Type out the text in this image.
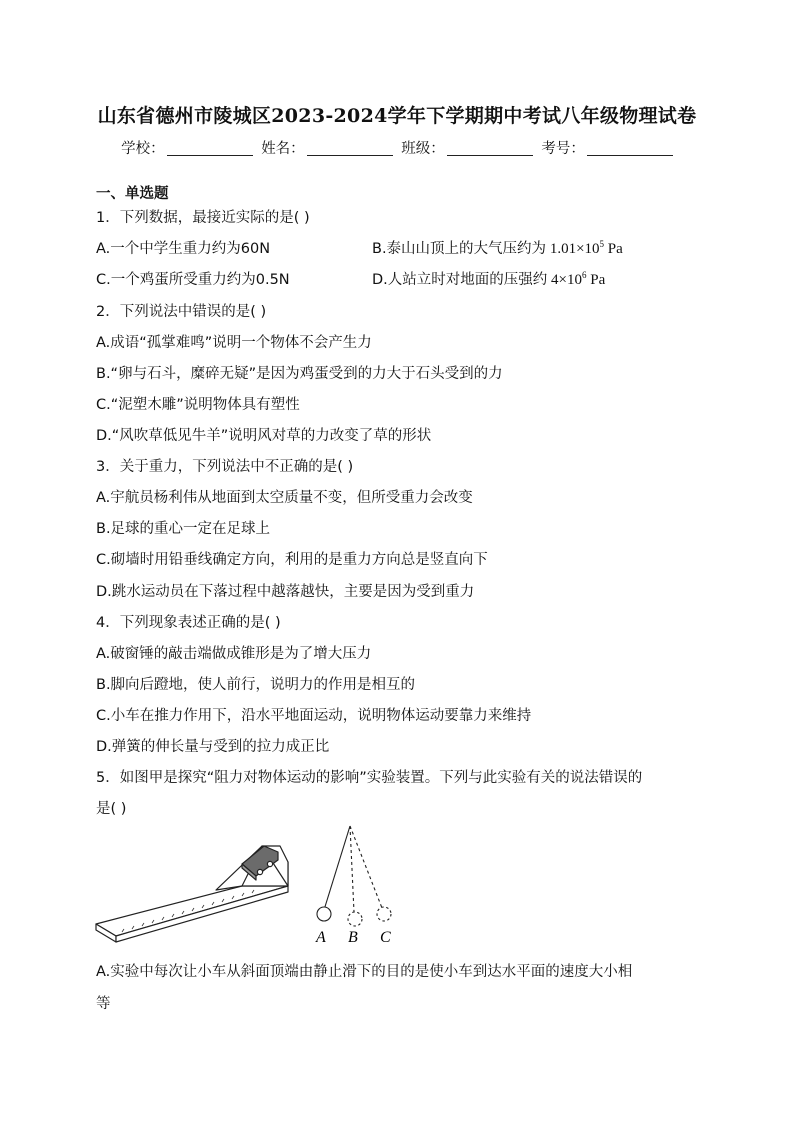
山东省德州市陵城区2023-2024学年下学期期中考试八年级物理试卷
学校：	姓名：	班级：	考号：
一、单选题
1．下列数据，最接近实际的是( )
A.一个中学生重力约为60N	B.泰山山顶上的大气压约为 $1.01\times 10^5$ Pa
C.一个鸡蛋所受重力约为0.5N	D.人站立时对地面的压强约 $4\times 10^6$ Pa
2．下列说法中错误的是( )
A.成语“孤掌难鸣”说明一个物体不会产生力
B.“卵与石斗，糜碎无疑”是因为鸡蛋受到的力大于石头受到的力
C.“泥塑木雕”说明物体具有塑性
D.“风吹草低见牛羊”说明风对草的力改变了草的形状
3．关于重力，下列说法中不正确的是( )
A.宇航员杨利伟从地面到太空质量不变，但所受重力会改变
B.足球的重心一定在足球上
C.砌墙时用铅垂线确定方向，利用的是重力方向总是竖直向下
D.跳水运动员在下落过程中越落越快，主要是因为受到重力
4．下列现象表述正确的是( )
A.破窗锤的敲击端做成锥形是为了增大压力
B.脚向后蹬地，使人前行，说明力的作用是相互的
C.小车在推力作用下，沿水平地面运动，说明物体运动要靠力来维持
D.弹簧的伸长量与受到的拉力成正比
5．如图甲是探究“阻力对物体运动的影响”实验装置。下列与此实验有关的说法错误的
是( )
A B C
A.实验中每次让小车从斜面顶端由静止滑下的目的是使小车到达水平面的速度大小相
等
